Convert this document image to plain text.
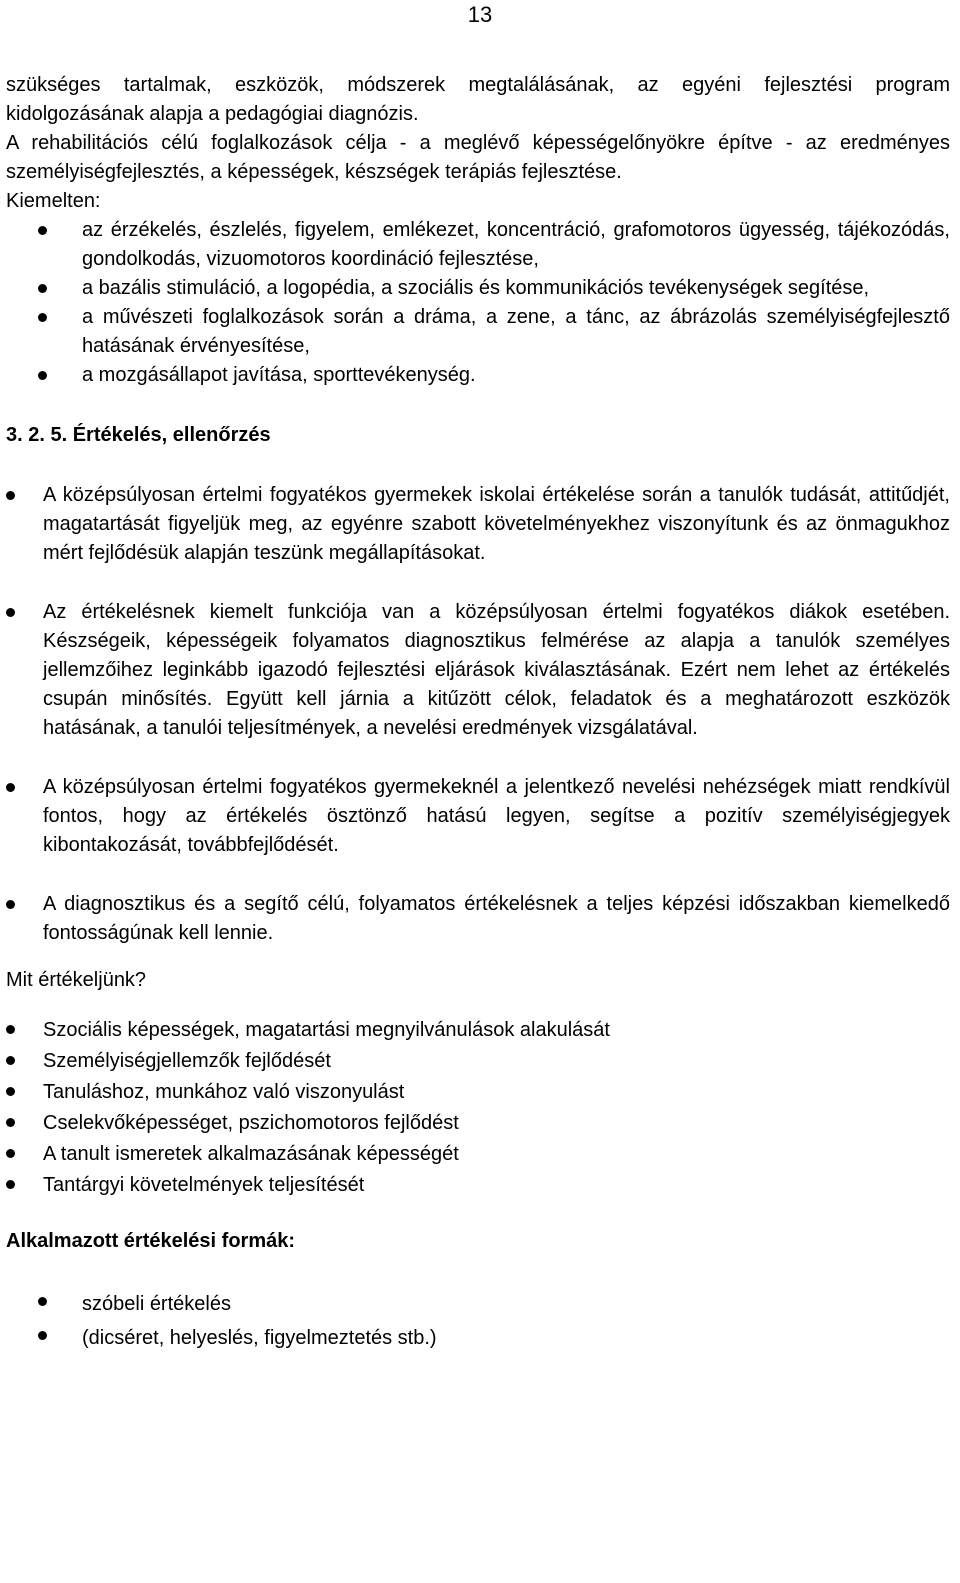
13

szükséges tartalmak, eszközök, módszerek megtalálásának, az egyéni fejlesztési program kidolgozásának alapja a pedagógiai diagnózis.

A rehabilitációs célú foglalkozások célja - a meglévő képességelőnyökre építve - az eredményes személyiségfejlesztés, a képességek, készségek terápiás fejlesztése.

Kiemelten:

az érzékelés, észlelés, figyelem, emlékezet, koncentráció, grafomotoros ügyesség, tájékozódás, gondolkodás, vizuomotoros koordináció fejlesztése,
a bazális stimuláció, a logopédia, a szociális és kommunikációs tevékenységek segítése,
a művészeti foglalkozások során a dráma, a zene, a tánc, az ábrázolás személyiségfejlesztő hatásának érvényesítése,
a mozgásállapot javítása, sporttevékenység.
3. 2. 5. Értékelés, ellenőrzés
A középsúlyosan értelmi fogyatékos gyermekek iskolai értékelése során a tanulók tudását, attitűdjét, magatartását figyeljük meg, az egyénre szabott követelményekhez viszonyítunk és az önmagukhoz mért fejlődésük alapján teszünk megállapításokat.
Az értékelésnek kiemelt funkciója van a középsúlyosan értelmi fogyatékos diákok esetében. Készségeik, képességeik folyamatos diagnosztikus felmérése az alapja a tanulók személyes jellemzőihez leginkább igazodó fejlesztési eljárások kiválasztásának. Ezért nem lehet az értékelés csupán minősítés. Együtt kell járnia a kitűzött célok, feladatok és a meghatározott eszközök hatásának, a tanulói teljesítmények, a nevelési eredmények vizsgálatával.
A középsúlyosan értelmi fogyatékos gyermekeknél a jelentkező nevelési nehézségek miatt rendkívül fontos, hogy az értékelés ösztönző hatású legyen, segítse a pozitív személyiségjegyek kibontakozását, továbbfejlődését.
A diagnosztikus és a segítő célú, folyamatos értékelésnek a teljes képzési időszakban kiemelkedő fontosságúnak kell lennie.

Mit értékeljünk?

Szociális képességek, magatartási megnyilvánulások alakulását
Személyiségjellemzők fejlődését
Tanuláshoz, munkához való viszonyulást
Cselekvőképességet, pszichomotoros fejlődést
A tanult ismeretek alkalmazásának képességét
Tantárgyi követelmények teljesítését
Alkalmazott értékelési formák:
szóbeli értékelés
(dicséret, helyeslés, figyelmeztetés stb.)
